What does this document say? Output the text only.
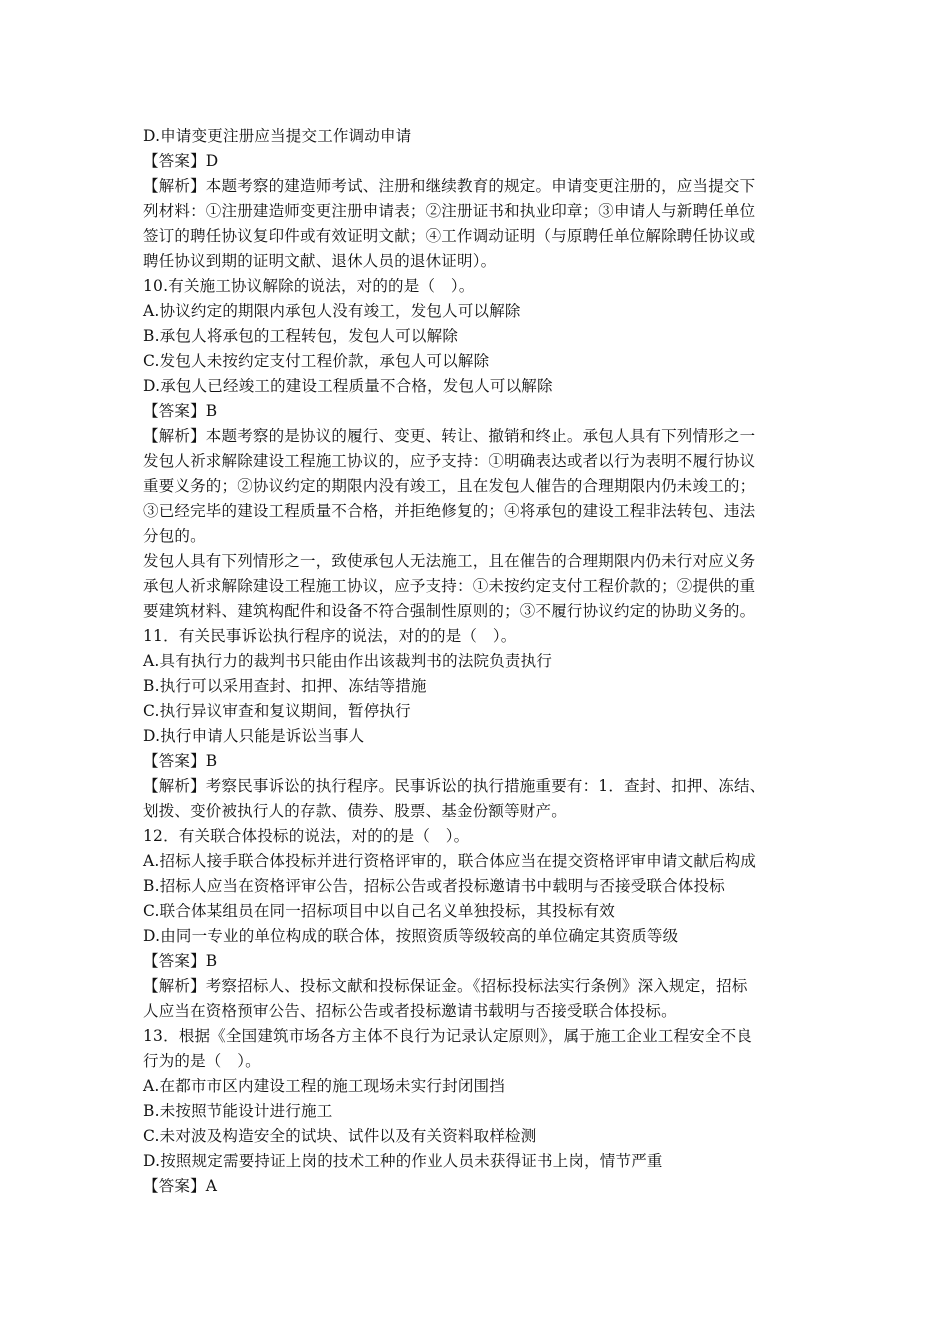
D.申请变更注册应当提交工作调动申请

【答案】D

【解析】本题考察的建造师考试、注册和继续教育的规定。申请变更注册的，应当提交下

列材料：①注册建造师变更注册申请表；②注册证书和执业印章；③申请人与新聘任单位

签订的聘任协议复印件或有效证明文献；④工作调动证明（与原聘任单位解除聘任协议或

聘任协议到期的证明文献、退休人员的退休证明）。

10.有关施工协议解除的说法，对的的是（　）。

A.协议约定的期限内承包人没有竣工，发包人可以解除

B.承包人将承包的工程转包，发包人可以解除

C.发包人未按约定支付工程价款，承包人可以解除

D.承包人已经竣工的建设工程质量不合格，发包人可以解除

【答案】B

【解析】本题考察的是协议的履行、变更、转让、撤销和终止。承包人具有下列情形之一

发包人祈求解除建设工程施工协议的，应予支持：①明确表达或者以行为表明不履行协议

重要义务的；②协议约定的期限内没有竣工，且在发包人催告的合理期限内仍未竣工的；

③已经完毕的建设工程质量不合格，并拒绝修复的；④将承包的建设工程非法转包、违法

分包的。

发包人具有下列情形之一，致使承包人无法施工，且在催告的合理期限内仍未行对应义务

承包人祈求解除建设工程施工协议，应予支持：①未按约定支付工程价款的；②提供的重

要建筑材料、建筑构配件和设备不符合强制性原则的；③不履行协议约定的协助义务的。

11．有关民事诉讼执行程序的说法，对的的是（　）。

A.具有执行力的裁判书只能由作出该裁判书的法院负责执行

B.执行可以采用查封、扣押、冻结等措施

C.执行异议审查和复议期间，暂停执行

D.执行申请人只能是诉讼当事人

【答案】B

【解析】考察民事诉讼的执行程序。民事诉讼的执行措施重要有：1．查封、扣押、冻结、

划拨、变价被执行人的存款、债券、股票、基金份额等财产。

12．有关联合体投标的说法，对的的是（　）。

A.招标人接手联合体投标并进行资格评审的，联合体应当在提交资格评审申请文献后构成

B.招标人应当在资格评审公告，招标公告或者投标邀请书中载明与否接受联合体投标

C.联合体某组员在同一招标项目中以自己名义单独投标，其投标有效

D.由同一专业的单位构成的联合体，按照资质等级较高的单位确定其资质等级

【答案】B

【解析】考察招标人、投标文献和投标保证金。《招标投标法实行条例》深入规定，招标

人应当在资格预审公告、招标公告或者投标邀请书载明与否接受联合体投标。

13．根据《全国建筑市场各方主体不良行为记录认定原则》，属于施工企业工程安全不良

行为的是（　）。

A.在都市市区内建设工程的施工现场未实行封闭围挡

B.未按照节能设计进行施工

C.未对波及构造安全的试块、试件以及有关资料取样检测

D.按照规定需要持证上岗的技术工种的作业人员未获得证书上岗，情节严重

【答案】A
